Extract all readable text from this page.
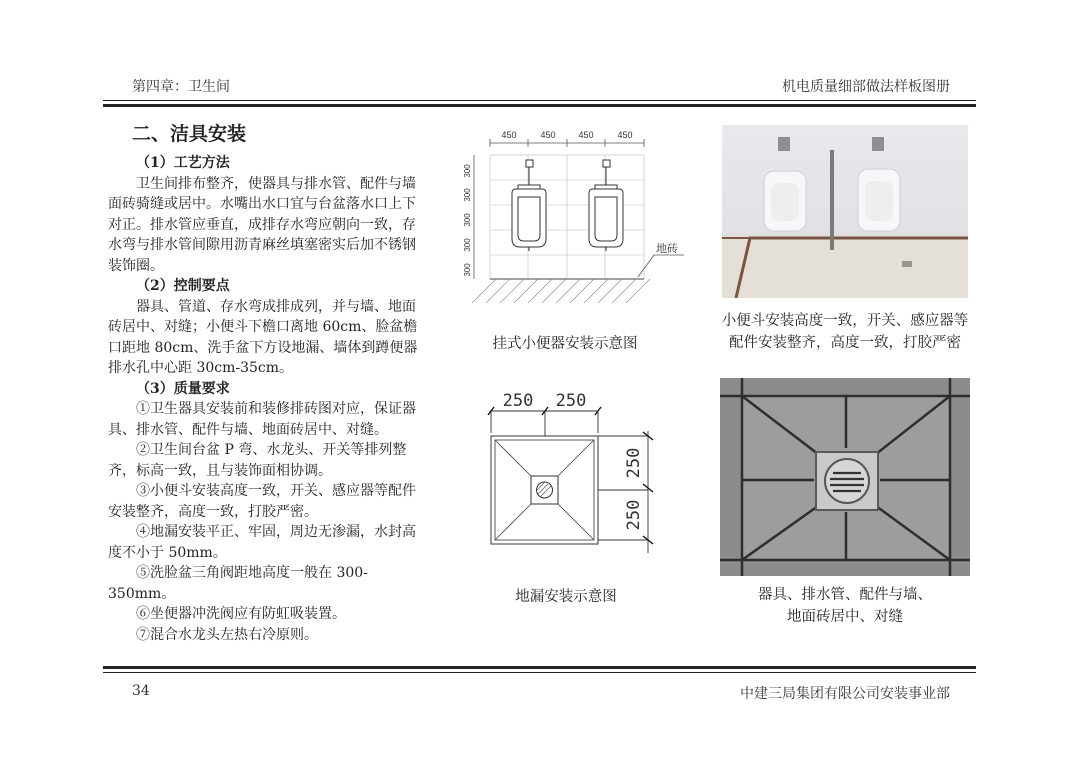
第四章：卫生间	机电质量细部做法样板图册
二、洁具安装

（1）工艺方法

卫生间排布整齐，使器具与排水管、配件与墙面砖骑缝或居中。水嘴出水口宜与台盆落水口上下对正。排水管应垂直，成排存水弯应朝向一致，存水弯与排水管间隙用沥青麻丝填塞密实后加不锈钢装饰圈。

（2）控制要点

器具、管道、存水弯成排成列，并与墙、地面砖居中、对缝；小便斗下檐口离地 60cm、脸盆檐口距地 80cm、洗手盆下方设地漏、墙体到蹲便器排水孔中心距 30cm-35cm。

（3）质量要求

①卫生器具安装前和装修排砖图对应，保证器具、排水管、配件与墙、地面砖居中、对缝。

②卫生间台盆 P 弯、水龙头、开关等排列整齐，标高一致，且与装饰面相协调。

③小便斗安装高度一致，开关、感应器等配件安装整齐，高度一致，打胶严密。

④地漏安装平正、牢固，周边无渗漏，水封高度不小于 50mm。

⑤洗脸盆三角阀距地高度一般在 300-350mm。

⑥坐便器冲洗阀应有防虹吸装置。

⑦混合水龙头左热右冷原则。

450	450	450	450
300
300
300
300
300
地砖
挂式小便器安装示意图
小便斗安装高度一致，开关、感应器等
配件安装整齐，高度一致，打胶严密
250 250
250
250
地漏安装示意图	器具、排水管、配件与墙、
地面砖居中、对缝
34	中建三局集团有限公司安装事业部
